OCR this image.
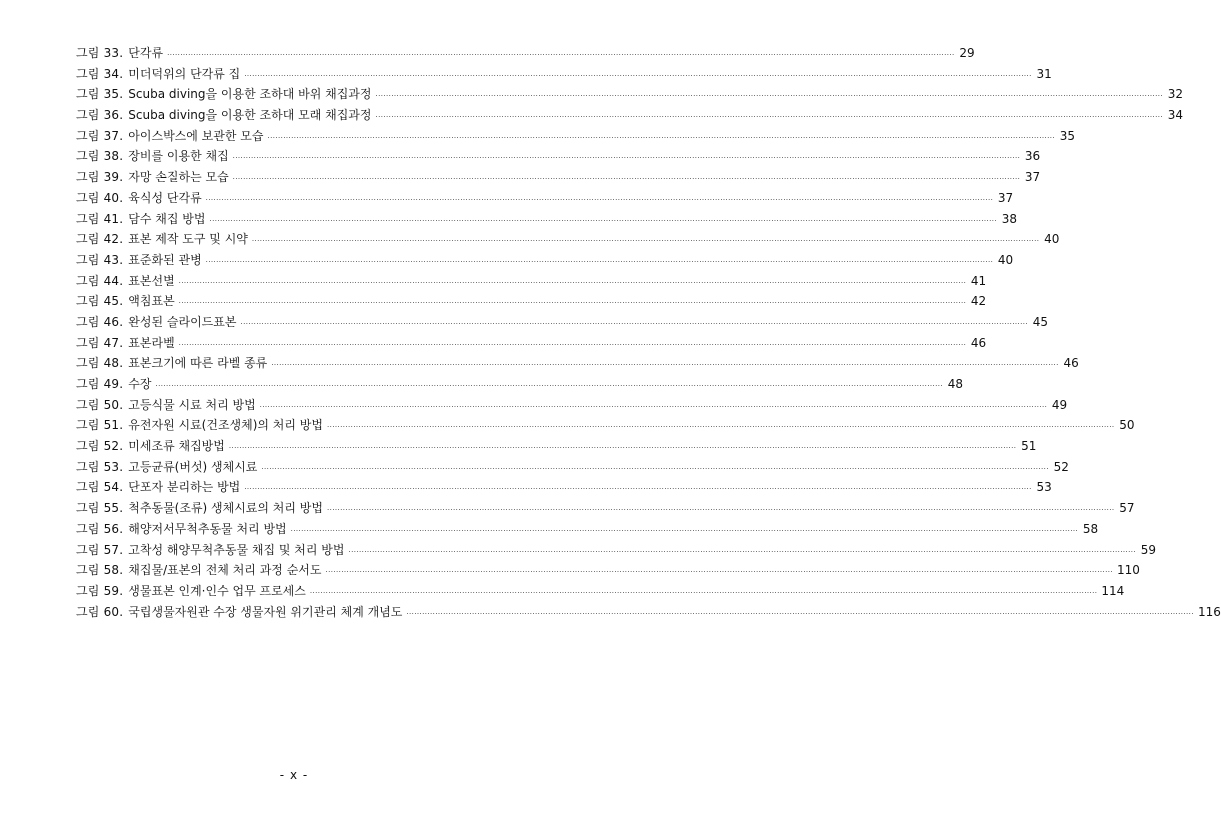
그림 33. 단각류 ············································································································································································································································································································ 29
그림 34. 미더덕위의 단각류 집 ············································································································································································································································································································ 31
그림 35. Scuba diving을 이용한 조하대 바위 채집과정 ············································································································································································································································································································ 32
그림 36. Scuba diving을 이용한 조하대 모래 채집과정 ············································································································································································································································································································ 34
그림 37. 아이스박스에 보관한 모습 ············································································································································································································································································································ 35
그림 38. 장비를 이용한 채집 ············································································································································································································································································································ 36
그림 39. 자망 손질하는 모습 ············································································································································································································································································································ 37
그림 40. 육식성 단각류 ············································································································································································································································································································ 37
그림 41. 담수 채집 방법 ············································································································································································································································································································ 38
그림 42. 표본 제작 도구 및 시약 ············································································································································································································································································································ 40
그림 43. 표준화된 관병 ············································································································································································································································································································ 40
그림 44. 표본선별 ············································································································································································································································································································ 41
그림 45. 액침표본 ············································································································································································································································································································ 42
그림 46. 완성된 슬라이드표본 ············································································································································································································································································································ 45
그림 47. 표본라벨 ············································································································································································································································································································ 46
그림 48. 표본크기에 따른 라벨 종류 ············································································································································································································································································································ 46
그림 49. 수장 ············································································································································································································································································································ 48
그림 50. 고등식물 시료 처리 방법 ············································································································································································································································································································ 49
그림 51. 유전자원 시료(건조생체)의 처리 방법 ············································································································································································································································································································ 50
그림 52. 미세조류 채집방법 ············································································································································································································································································································ 51
그림 53. 고등균류(버섯) 생체시료 ············································································································································································································································································································ 52
그림 54. 단포자 분리하는 방법 ············································································································································································································································································································ 53
그림 55. 척추동물(조류) 생체시료의 처리 방법 ············································································································································································································································································································ 57
그림 56. 해양저서무척추동물 처리 방법 ············································································································································································································································································································ 58
그림 57. 고착성 해양무척추동물 채집 및 처리 방법 ············································································································································································································································································································ 59
그림 58. 채집물/표본의 전체 처리 과정 순서도 ············································································································································································································································································································ 110
그림 59. 생물표본 인계·인수 업무 프로세스 ············································································································································································································································································································ 114
그림 60. 국립생물자원관 수장 생물자원 위기관리 체계 개념도 ············································································································································································································································································································ 116
- x -
